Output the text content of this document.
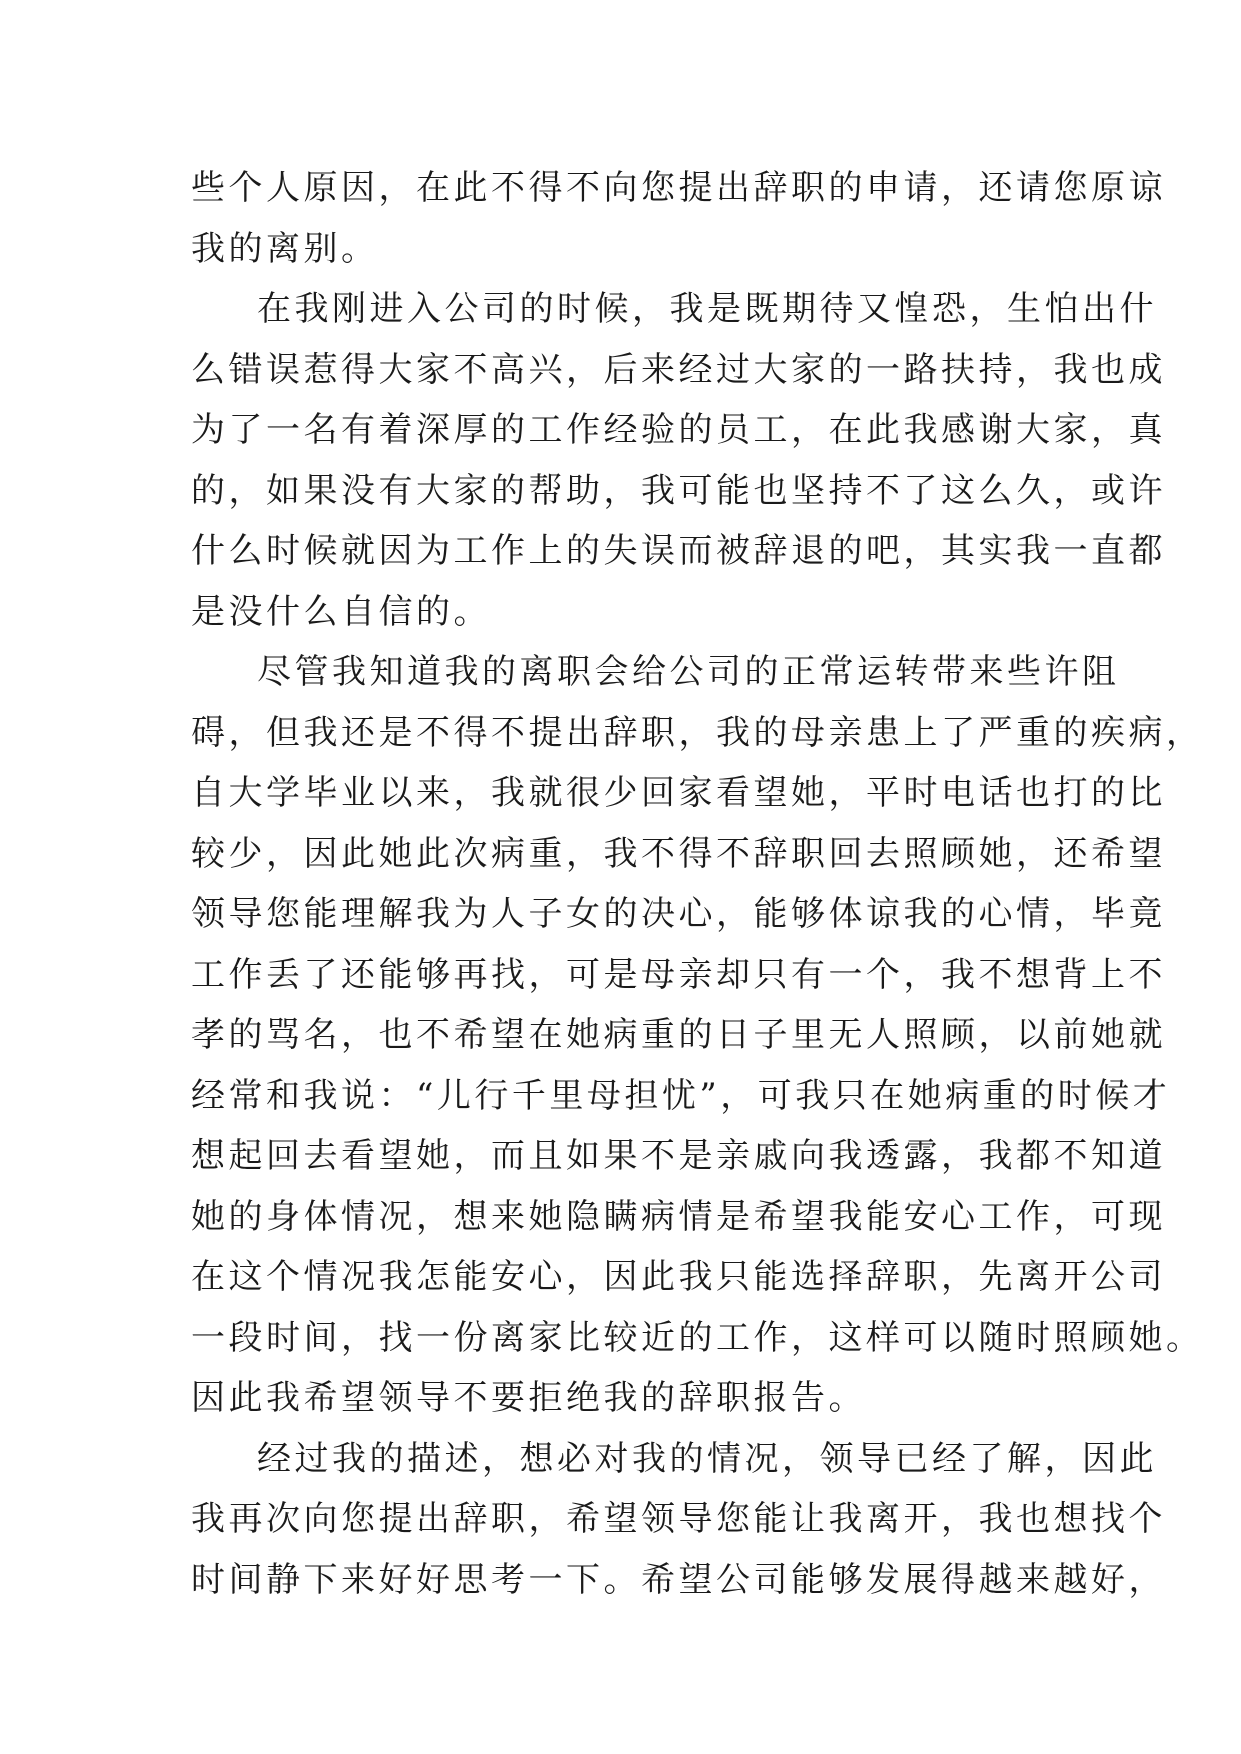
些个人原因，在此不得不向您提出辞职的申请，还请您原谅
我的离别。
在我刚进入公司的时候，我是既期待又惶恐，生怕出什
么错误惹得大家不高兴，后来经过大家的一路扶持，我也成
为了一名有着深厚的工作经验的员工，在此我感谢大家，真
的，如果没有大家的帮助，我可能也坚持不了这么久，或许
什么时候就因为工作上的失误而被辞退的吧，其实我一直都
是没什么自信的。
尽管我知道我的离职会给公司的正常运转带来些许阻
碍，但我还是不得不提出辞职，我的母亲患上了严重的疾病，
自大学毕业以来，我就很少回家看望她，平时电话也打的比
较少，因此她此次病重，我不得不辞职回去照顾她，还希望
领导您能理解我为人子女的决心，能够体谅我的心情，毕竟
工作丢了还能够再找，可是母亲却只有一个，我不想背上不
孝的骂名，也不希望在她病重的日子里无人照顾，以前她就
经常和我说：“儿行千里母担忧”，可我只在她病重的时候才
想起回去看望她，而且如果不是亲戚向我透露，我都不知道
她的身体情况，想来她隐瞒病情是希望我能安心工作，可现
在这个情况我怎能安心，因此我只能选择辞职，先离开公司
一段时间，找一份离家比较近的工作，这样可以随时照顾她。
因此我希望领导不要拒绝我的辞职报告。
经过我的描述，想必对我的情况，领导已经了解，因此
我再次向您提出辞职，希望领导您能让我离开，我也想找个
时间静下来好好思考一下。希望公司能够发展得越来越好，
